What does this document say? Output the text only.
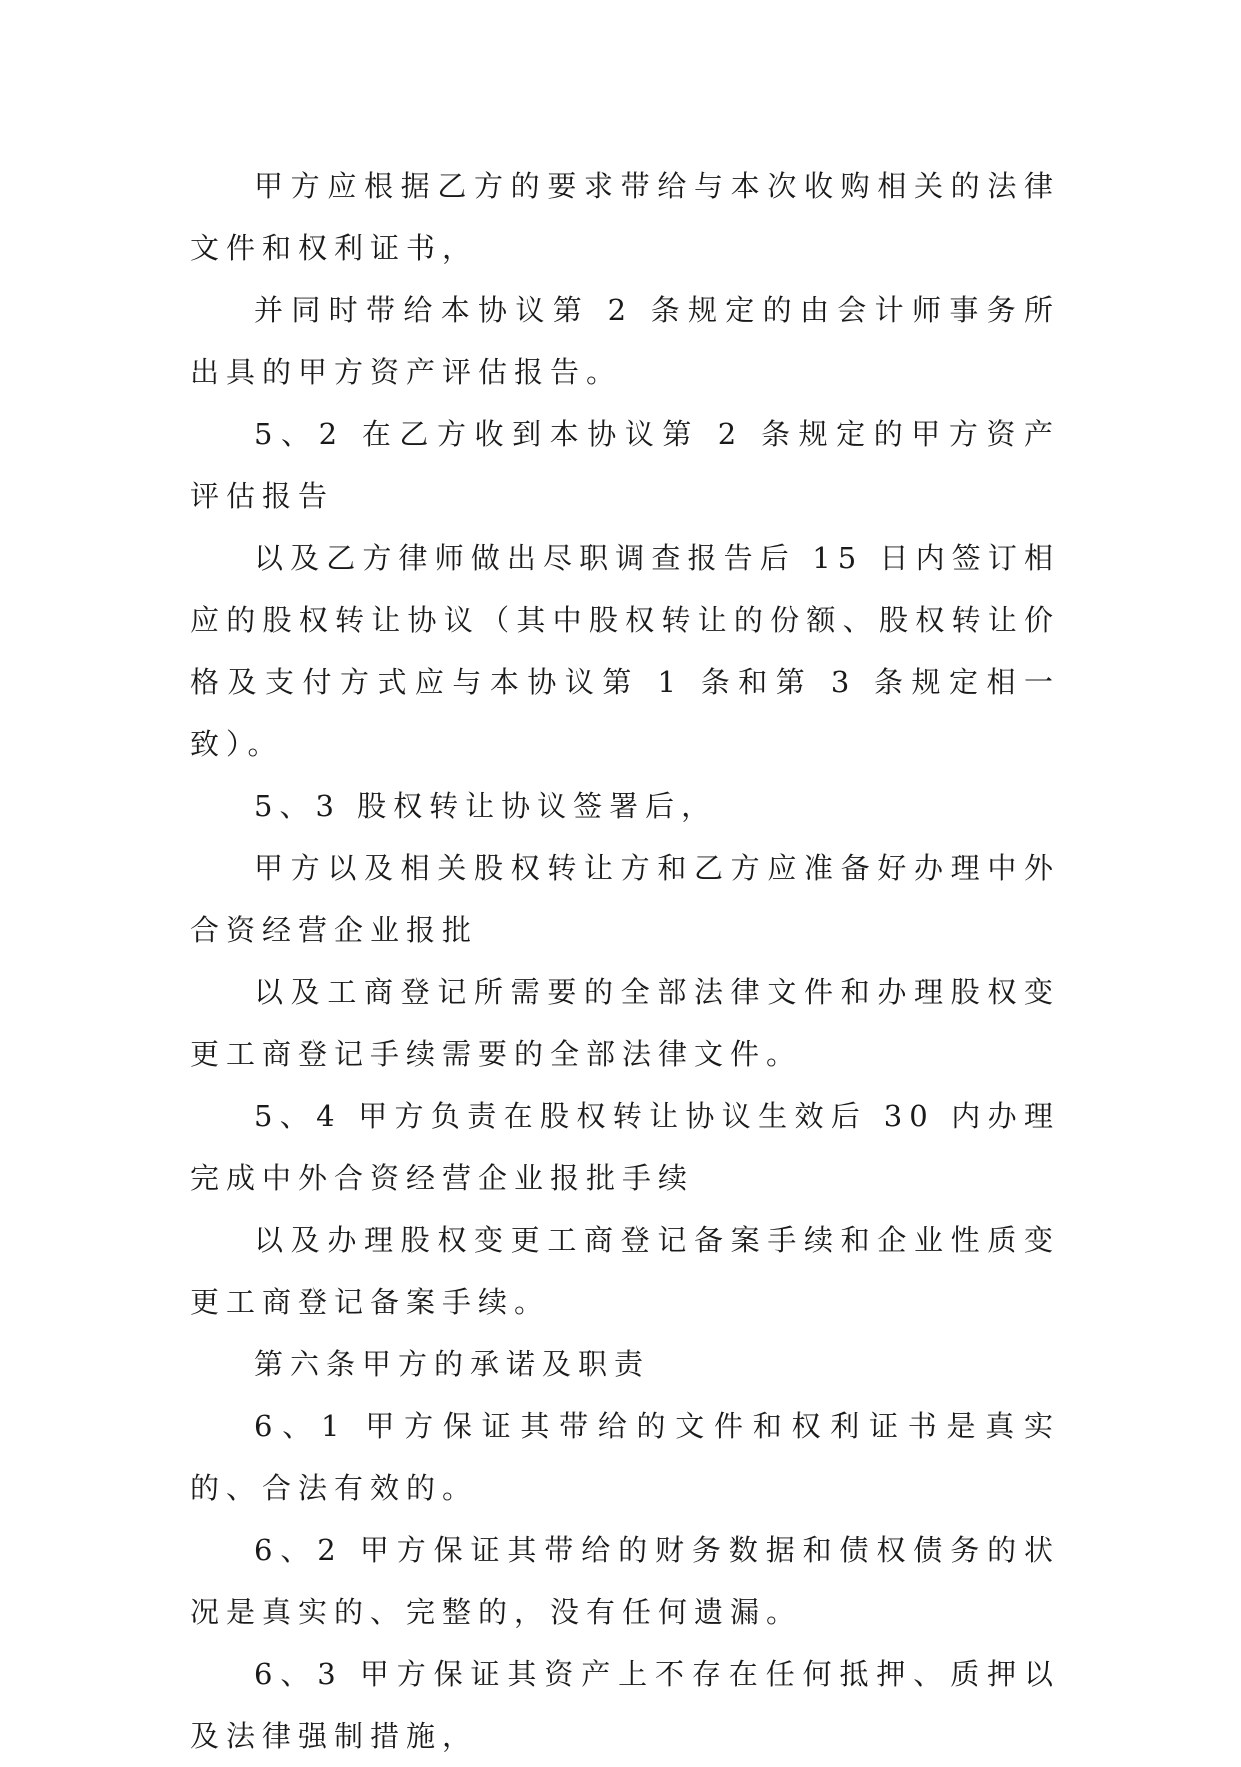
甲方应根据乙方的要求带给与本次收购相关的法律文件和权利证书，

并同时带给本协议第 2 条规定的由会计师事务所出具的甲方资产评估报告。

5、2 在乙方收到本协议第 2 条规定的甲方资产评估报告

以及乙方律师做出尽职调查报告后 15 日内签订相应的股权转让协议（其中股权转让的份额、股权转让价格及支付方式应与本协议第 1 条和第 3 条规定相一致）。

5、3 股权转让协议签署后，

甲方以及相关股权转让方和乙方应准备好办理中外合资经营企业报批

以及工商登记所需要的全部法律文件和办理股权变更工商登记手续需要的全部法律文件。

5、4 甲方负责在股权转让协议生效后 30 内办理完成中外合资经营企业报批手续

以及办理股权变更工商登记备案手续和企业性质变更工商登记备案手续。

第六条甲方的承诺及职责

6、1 甲方保证其带给的文件和权利证书是真实的、合法有效的。

6、2 甲方保证其带给的财务数据和债权债务的状况是真实的、完整的，没有任何遗漏。

6、3 甲方保证其资产上不存在任何抵押、质押以及法律强制措施，
